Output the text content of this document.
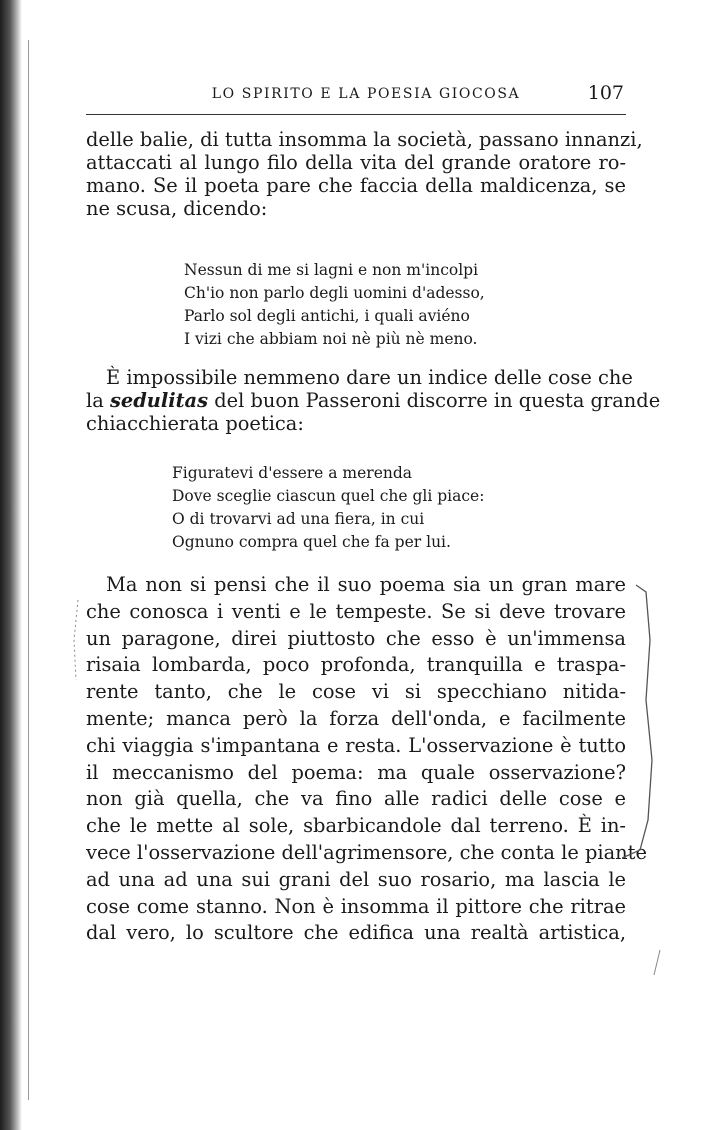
LO SPIRITO E LA POESIA GIOCOSA	107
delle balie, di tutta insomma la società, passano innanzi,
attaccati al lungo filo della vita del grande oratore ro-
mano. Se il poeta pare che faccia della maldicenza, se
ne scusa, dicendo:
Nessun di me si lagni e non m'incolpi
Ch'io non parlo degli uomini d'adesso,
Parlo sol degli antichi, i quali aviéno
I vizi che abbiam noi nè più nè meno.
È impossibile nemmeno dare un indice delle cose che
la sedulitas del buon Passeroni discorre in questa grande
chiacchierata poetica:
Figuratevi d'essere a merenda
Dove sceglie ciascun quel che gli piace:
O di trovarvi ad una fiera, in cui
Ognuno compra quel che fa per lui.
Ma non si pensi che il suo poema sia un gran mare
che conosca i venti e le tempeste. Se si deve trovare
un paragone, direi piuttosto che esso è un'immensa
risaia lombarda, poco profonda, tranquilla e traspa-
rente tanto, che le cose vi si specchiano nitida-
mente; manca però la forza dell'onda, e facilmente
chi viaggia s'impantana e resta. L'osservazione è tutto
il meccanismo del poema: ma quale osservazione?
non già quella, che va fino alle radici delle cose e
che le mette al sole, sbarbicandole dal terreno. È in-
vece l'osservazione dell'agrimensore, che conta le piante
ad una ad una sui grani del suo rosario, ma lascia le
cose come stanno. Non è insomma il pittore che ritrae
dal vero, lo scultore che edifica una realtà artistica,
